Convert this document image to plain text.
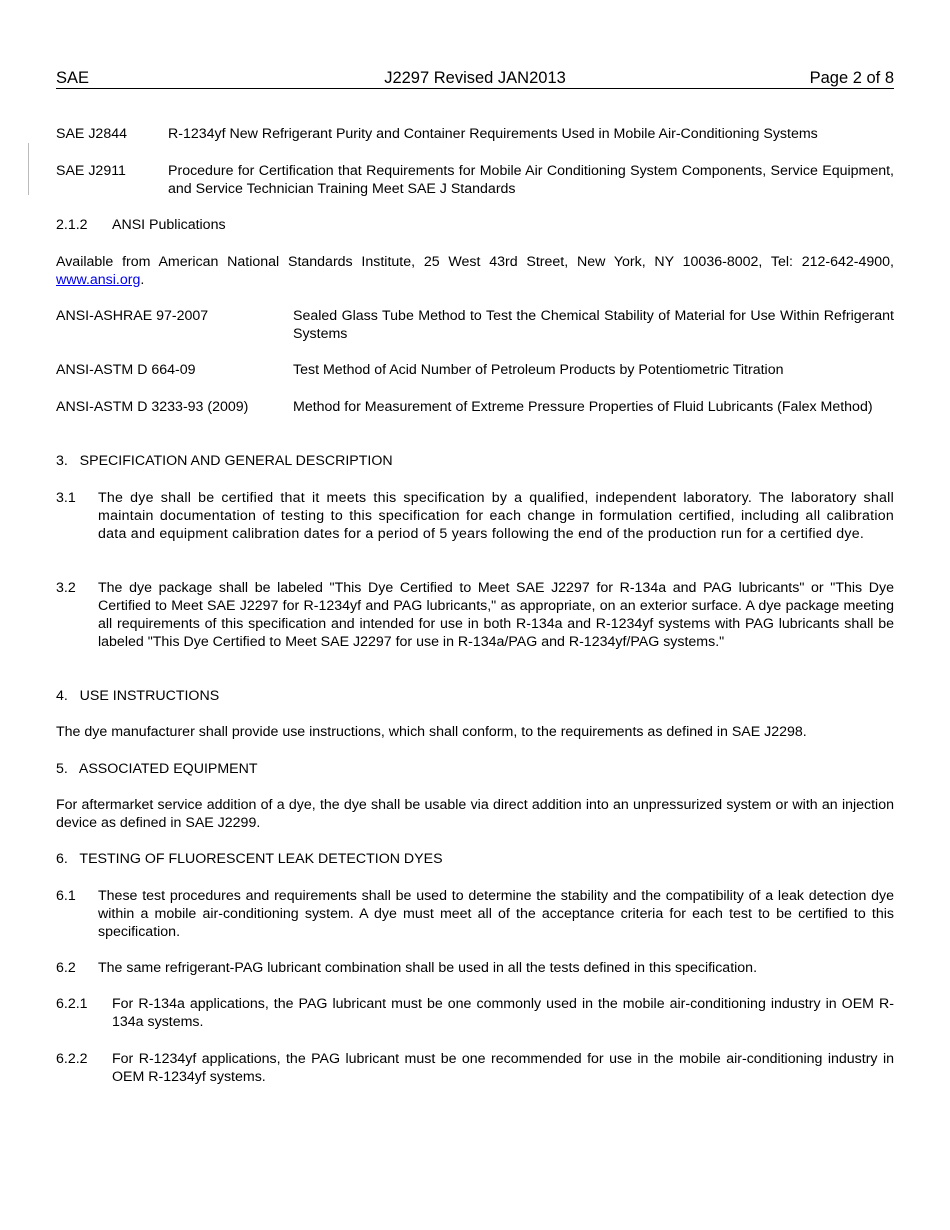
SAE	J2297 Revised JAN2013	Page 2 of 8
SAE J2844	R-1234yf New Refrigerant Purity and Container Requirements Used in Mobile Air-Conditioning Systems
SAE J2911	Procedure for Certification that Requirements for Mobile Air Conditioning System Components, Service Equipment, and Service Technician Training Meet SAE J Standards
2.1.2 ANSI Publications
Available from American National Standards Institute, 25 West 43rd Street, New York, NY 10036-8002, Tel: 212-642-4900, www.ansi.org.
ANSI-ASHRAE 97-2007	Sealed Glass Tube Method to Test the Chemical Stability of Material for Use Within Refrigerant Systems
ANSI-ASTM D 664-09	Test Method of Acid Number of Petroleum Products by Potentiometric Titration
ANSI-ASTM D 3233-93 (2009)	Method for Measurement of Extreme Pressure Properties of Fluid Lubricants (Falex Method)
3.   SPECIFICATION AND GENERAL DESCRIPTION
3.1 The dye shall be certified that it meets this specification by a qualified, independent laboratory. The laboratory shall maintain documentation of testing to this specification for each change in formulation certified, including all calibration data and equipment calibration dates for a period of 5 years following the end of the production run for a certified dye.
3.2 The dye package shall be labeled "This Dye Certified to Meet SAE J2297 for R-134a and PAG lubricants" or "This Dye Certified to Meet SAE J2297 for R-1234yf and PAG lubricants," as appropriate, on an exterior surface. A dye package meeting all requirements of this specification and intended for use in both R-134a and R-1234yf systems with PAG lubricants shall be labeled "This Dye Certified to Meet SAE J2297 for use in R-134a/PAG and R-1234yf/PAG systems."
4.   USE INSTRUCTIONS
The dye manufacturer shall provide use instructions, which shall conform, to the requirements as defined in SAE J2298.
5.   ASSOCIATED EQUIPMENT
For aftermarket service addition of a dye, the dye shall be usable via direct addition into an unpressurized system or with an injection device as defined in SAE J2299.
6.   TESTING OF FLUORESCENT LEAK DETECTION DYES
6.1 These test procedures and requirements shall be used to determine the stability and the compatibility of a leak detection dye within a mobile air-conditioning system. A dye must meet all of the acceptance criteria for each test to be certified to this specification.
6.2 The same refrigerant-PAG lubricant combination shall be used in all the tests defined in this specification.
6.2.1 For R-134a applications, the PAG lubricant must be one commonly used in the mobile air-conditioning industry in OEM R-134a systems.
6.2.2 For R-1234yf applications, the PAG lubricant must be one recommended for use in the mobile air-conditioning industry in OEM R-1234yf systems.
